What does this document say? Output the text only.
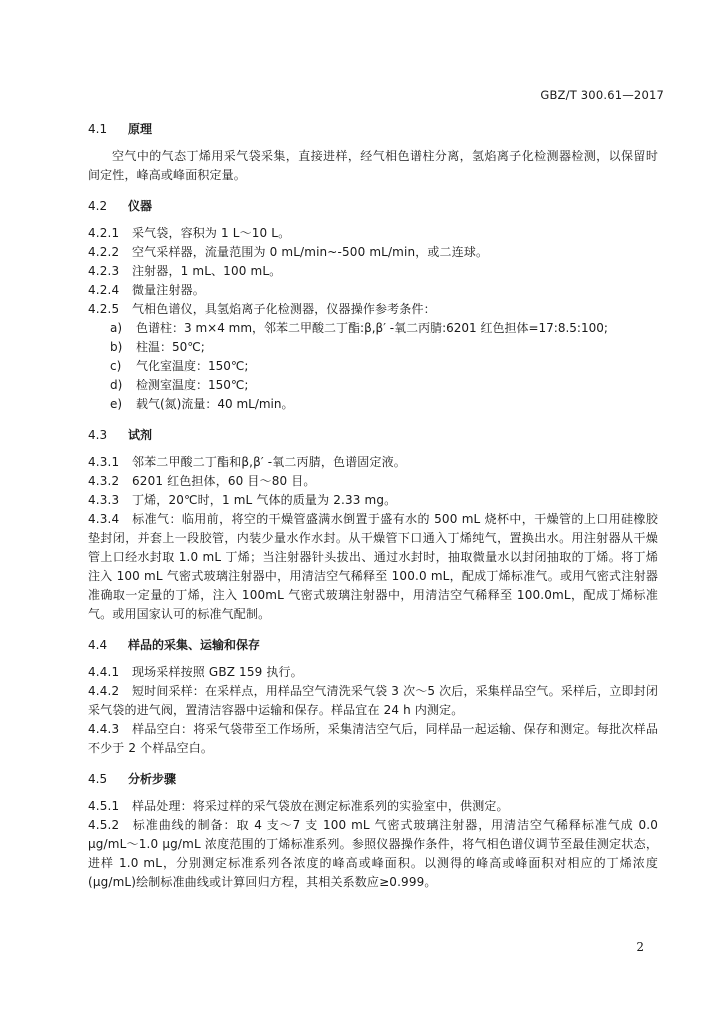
GBZ/T 300.61—2017

4.1 原理

空气中的气态丁烯用采气袋采集，直接进样，经气相色谱柱分离，氢焰离子化检测器检测，以保留时间定性，峰高或峰面积定量。

4.2 仪器

4.2.1 采气袋，容积为 1 L～10 L。

4.2.2 空气采样器，流量范围为 0 mL/min~-500 mL/min，或二连球。

4.2.3 注射器，1 mL、100 mL。

4.2.4 微量注射器。

4.2.5 气相色谱仪，具氢焰离子化检测器，仪器操作参考条件：

a) 色谱柱：3 m×4 mm，邻苯二甲酸二丁酯:β,β′ -氧二丙腈:6201 红色担体=17:8.5:100;

b) 柱温：50℃;

c) 气化室温度：150℃;

d) 检测室温度：150℃;

e) 载气(氮)流量：40 mL/min。

4.3 试剂

4.3.1 邻苯二甲酸二丁酯和β,β′ -氧二丙腈，色谱固定液。

4.3.2 6201 红色担体，60 目～80 目。

4.3.3 丁烯，20℃时，1 mL 气体的质量为 2.33 mg。

4.3.4 标准气：临用前，将空的干燥管盛满水倒置于盛有水的 500 mL 烧杯中，干燥管的上口用硅橡胶垫封闭，并套上一段胶管，内装少量水作水封。从干燥管下口通入丁烯纯气，置换出水。用注射器从干燥管上口经水封取 1.0 mL 丁烯；当注射器针头拔出、通过水封时，抽取微量水以封闭抽取的丁烯。将丁烯注入 100 mL 气密式玻璃注射器中，用清洁空气稀释至 100.0 mL，配成丁烯标准气。或用气密式注射器准确取一定量的丁烯，注入 100mL 气密式玻璃注射器中，用清洁空气稀释至 100.0mL，配成丁烯标准气。或用国家认可的标准气配制。

4.4 样品的采集、运输和保存

4.4.1 现场采样按照 GBZ 159 执行。

4.4.2 短时间采样：在采样点，用样品空气清洗采气袋 3 次～5 次后，采集样品空气。采样后，立即封闭采气袋的进气阀，置清洁容器中运输和保存。样品宜在 24 h 内测定。

4.4.3 样品空白：将采气袋带至工作场所，采集清洁空气后，同样品一起运输、保存和测定。每批次样品不少于 2 个样品空白。

4.5 分析步骤

4.5.1 样品处理：将采过样的采气袋放在测定标准系列的实验室中，供测定。

4.5.2 标准曲线的制备：取 4 支～7 支 100 mL 气密式玻璃注射器，用清洁空气稀释标准气成 0.0 μg/mL～1.0 μg/mL 浓度范围的丁烯标准系列。参照仪器操作条件，将气相色谱仪调节至最佳测定状态，进样 1.0 mL，分别测定标准系列各浓度的峰高或峰面积。以测得的峰高或峰面积对相应的丁烯浓度(μg/mL)绘制标准曲线或计算回归方程，其相关系数应≥0.999。

2
